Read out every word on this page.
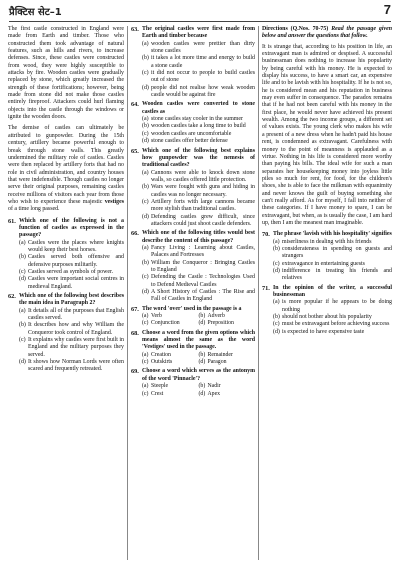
प्रैक्टिस सेट–1	7

The first castle constructed in England were made from Earth and timber. Those who constructed them took advantage of natural features, such as hills and rivers, to increase defenses. Since, these castles were constructed from wood, they were highly susceptible to attacks by fire. Wooden castles were gradually replaced by stone, which greatly increased the strength of these fortifications; however, being made from stone did not make those castles entirely fireproof. Attackers could hurl flaming objects into the castle through the windows or ignite the wooden doors.

The demise of castles can ultimately be attributed to gunpowder. During the 15th century, artillery became powerful enough to break through stone walls. This greatly undermined the military role of castles. Castles were then replaced by artillery forts that had no role in civil administration, and country houses that were indefensible. Though castles no longer serve their original purposes, remaining castles receive millions of visitors each year from those who wish to experience these majestic vestiges of a time long passed.

61. Which one of the following is not a function of castles as expressed in the passage?
(a) Castles were the places where knights would keep their best horses.
(b) Castles served both offensive and defensive purposes militarily.
(c) Castles served as symbols of power.
(d) Castles were important social centres in medieval England.
62. Which one of the following best describes the main idea in Paragraph 2?
(a) It details all of the purposes that English castles served.
(b) It describes how and why William the Conqueror took control of England.
(c) It explains why castles were first built in England and the military purposes they served.
(d) It shows how Norman Lords were often scared and frequently retreated.
63. The original castles were first made from Earth and timber because
(a) wooden castles were prettier than dirty stone castles
(b) it takes a lot more time and energy to build a stone castle
(c) it did not occur to people to build castles out of stone
(d) people did not realise how weak wooden castle would be against fire
64. Wooden castles were converted to stone castles as
(a) stone castles stay cooler in the summer
(b) wooden castles take a long time to build
(c) wooden castles are uncomfortable
(d) stone castles offer better defense
65. Which one of the following best explains how gunpowder was the nemesis of traditional castles?
(a) Cannons were able to knock down stone walls, so castles offered little protection.
(b) Wars were fought with guns and hiding in castles was no longer necessary.
(c) Artillery forts with large cannons became more stylish than traditional castles.
(d) Defending castles grew difficult, since attackers could just shoot castle defenders.
66. Which one of the following titles would best describe the content of this passage?
(a) Fancy Living : Learning about Castles, Palaces and Fortresses
(b) William the Conqueror : Bringing Castles to England
(c) Defending the Castle : Technologies Used to Defend Medieval Castles
(d) A Short History of Castles : The Rise and Fall of Castles in England
67. The word 'over' used in the passage is a
(a) Verb	(b) Adverb
(c) Conjunction	(d) Preposition
68. Choose a word from the given options which means almost the same as the word 'Vestiges' used in the passage.
(a) Creation	(b) Remainder
(c) Outskirts	(d) Paragon
69. Choose a word which serves as the antonym of the word 'Pinnacle'?
(a) Steeple	(b) Nadir
(c) Crest	(d) Apex
Directions (Q.Nos. 70-75) Read the passage given below and answer the questions that follow.

It is strange that, according to his position in life, an extravagant man is admired or despised. A successful businessman does nothing to increase his popularity by being careful with his money. He is expected to display his success, to have a smart car, an expensive life and to be lavish with his hospitality. If he is not so, he is considered mean and his reputation in business may even suffer in consequence. The paradox remains that if he had not been careful with his money in the first place, he would never have achieved his present wealth. Among the two income groups, a different set of values exists. The young clerk who makes his wife a present of a new dress when he hadn't paid his house rent, is condemned as extravagant. Carefulness with money to the point of meanness is applauded as a virtue. Nothing in his life is considered more worthy than paying his bills. The ideal wife for such a man separates her housekeeping money into joyless little piles so much for rent, for food, for the children's shoes, she is able to face the milkman with equanimity and never knows the guilt of buying something she can't really afford. As for myself, I fall into neither of these categories. If I have money to spare, I can be extravagant, but when, as is usually the case, I am hard up, then I am the meanest man imaginable.

70. The phrase 'lavish with his hospitality' signifies
(a) miserliness in dealing with his friends
(b) considerateness in spending on guests and strangers
(c) extravagance in entertaining guests
(d) indifference in treating his friends and relatives
71. In the opinion of the writer, a successful businessman
(a) is more popular if he appears to be doing nothing
(b) should not bother about his popularity
(c) must be extravagant before achieving success
(d) is expected to have expensive taste
